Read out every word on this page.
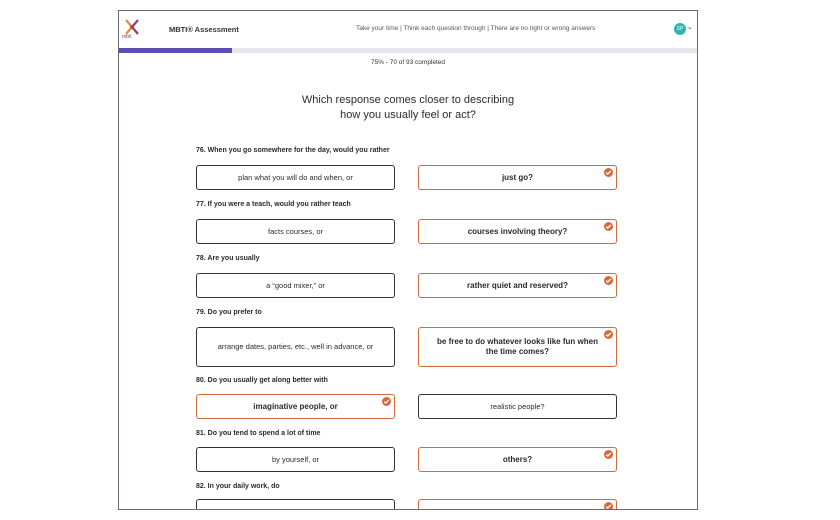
mbti
MBTI® Assessment	Take your time | Think each question through | There are no right or wrong answers	SP ⌄
75% - 70 of 93 completed
Which response comes closer to describing
how you usually feel or act?
76. When you go somewhere for the day, would you rather
plan what you will do and when, or	just go?
77. If you were a teach, would you rather teach
facts courses, or	courses involving theory?
78. Are you usually
a “good mixer,” or	rather quiet and reserved?
79. Do you prefer to
arrange dates, parties, etc., well in advance, or
be free to do whatever looks like fun when the time comes?
80. Do you usually get along better with
imaginative people, or	realistic people?
81. Do you tend to spend a lot of time
by yourself, or	others?
82. In your daily work, do
